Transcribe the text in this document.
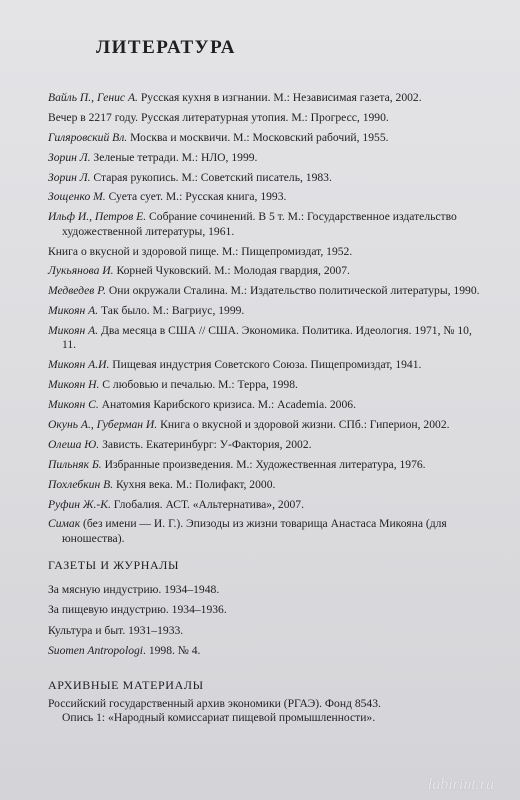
ЛИТЕРАТУРА
Вайль П., Генис А. Русская кухня в изгнании. М.: Независимая газета, 2002.
Вечер в 2217 году. Русская литературная утопия. М.: Прогресс, 1990.
Гиляровский Вл. Москва и москвичи. М.: Московский рабочий, 1955.
Зорин Л. Зеленые тетради. М.: НЛО, 1999.
Зорин Л. Старая рукопись. М.: Советский писатель, 1983.
Зощенко М. Суета сует. М.: Русская книга, 1993.
Ильф И., Петров Е. Собрание сочинений. В 5 т. М.: Государственное издательство художественной литературы, 1961.
Книга о вкусной и здоровой пище. М.: Пищепромиздат, 1952.
Лукьянова И. Корней Чуковский. М.: Молодая гвардия, 2007.
Медведев Р. Они окружали Сталина. М.: Издательство политической литературы, 1990.
Микоян А. Так было. М.: Вагриус, 1999.
Микоян А. Два месяца в США // США. Экономика. Политика. Идеология. 1971, № 10, 11.
Микоян А.И. Пищевая индустрия Советского Союза. Пищепромиздат, 1941.
Микоян Н. С любовью и печалью. М.: Терра, 1998.
Микоян С. Анатомия Карибского кризиса. М.: Academia. 2006.
Окунь А., Губерман И. Книга о вкусной и здоровой жизни. СПб.: Гиперион, 2002.
Олеша Ю. Зависть. Екатеринбург: У-Фактория, 2002.
Пильняк Б. Избранные произведения. М.: Художественная литература, 1976.
Похлебкин В. Кухня века. М.: Полифакт, 2000.
Руфин Ж.-К. Глобалия. АСТ. «Альтернатива», 2007.
Симак (без имени — И. Г.). Эпизоды из жизни товарища Анастаса Микояна (для юношества).
ГАЗЕТЫ И ЖУРНАЛЫ
За мясную индустрию. 1934–1948.
За пищевую индустрию. 1934–1936.
Культура и быт. 1931–1933.
Suomen Antropologi. 1998. № 4.
АРХИВНЫЕ МАТЕРИАЛЫ
Российский государственный архив экономики (РГАЭ). Фонд 8543.
Опись 1: «Народный комиссариат пищевой промышленности».
labirint.ru
